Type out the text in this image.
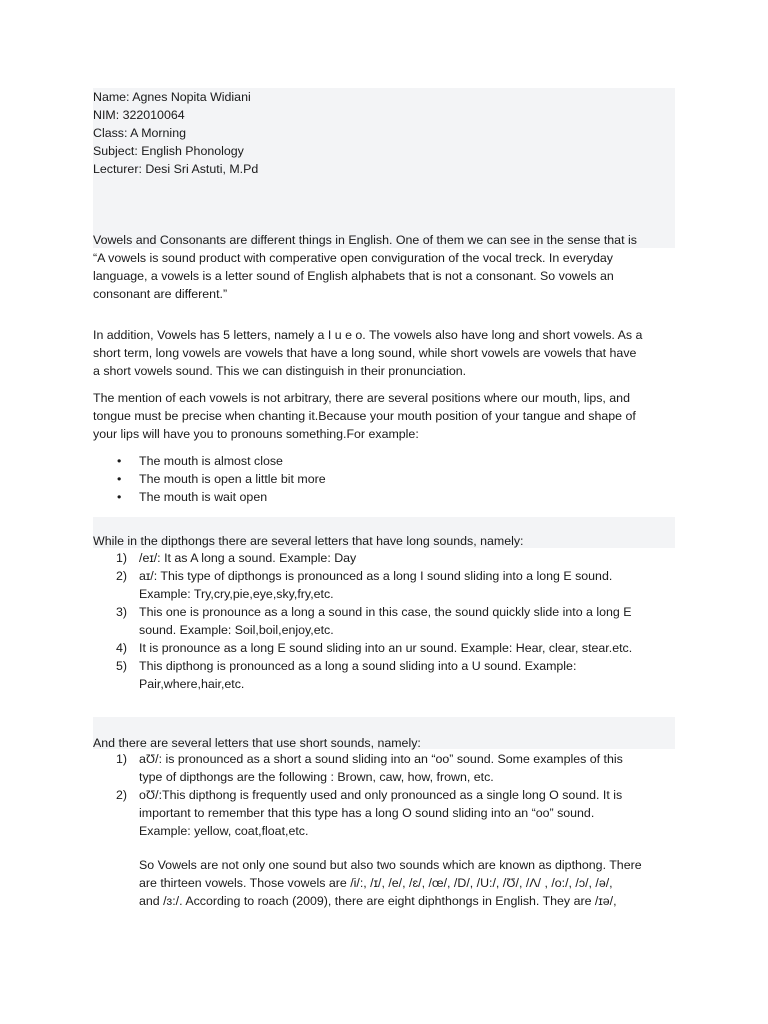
Name: Agnes Nopita Widiani
NIM: 322010064
Class: A Morning
Subject: English Phonology
Lecturer: Desi Sri Astuti, M.Pd
Vowels and Consonants are different things in English. One of them we can see in the sense that is
“A vowels is sound product with comperative open conviguration of the vocal treck. In everyday
language, a vowels is a letter sound of English alphabets that is not a consonant. So vowels an
consonant are different.”
In addition, Vowels has 5 letters, namely a I u e o. The vowels also have long and short vowels. As a
short term, long vowels are vowels that have a long sound, while short vowels are vowels that have
a short vowels sound. This we can distinguish in their pronunciation.
The mention of each vowels is not arbitrary, there are several positions where our mouth, lips, and
tongue must be precise when chanting it.Because your mouth position of your tangue and shape of
your lips will have you to pronouns something.For example:
• The mouth is almost close
• The mouth is open a little bit more
• The mouth is wait open
While in the dipthongs there are several letters that have long sounds, namely:
1) /eɪ/: It as A long a sound. Example: Day
2) aɪ/: This type of dipthongs is pronounced as a long I sound sliding into a long E sound.
Example: Try,cry,pie,eye,sky,fry,etc.
3) This one is pronounce as a long a sound in this case, the sound quickly slide into a long E
sound. Example: Soil,boil,enjoy,etc.
4) It is pronounce as a long E sound sliding into an ur sound. Example: Hear, clear, stear.etc.
5) This dipthong is pronounced as a long a sound sliding into a U sound. Example:
Pair,where,hair,etc.
And there are several letters that use short sounds, namely:
1) aƱ/: is pronounced as a short a sound sliding into an “oo” sound. Some examples of this
type of dipthongs are the following : Brown, caw, how, frown, etc.
2) oƱ/:This dipthong is frequently used and only pronounced as a single long O sound. It is
important to remember that this type has a long O sound sliding into an “oo” sound.
Example: yellow, coat,float,etc.
So Vowels are not only one sound but also two sounds which are known as dipthong. There
are thirteen vowels. Those vowels are /i/:, /ɪ/, /e/, /ɛ/, /œ/, /D/, /U:/, /Ʊ/, /Λ/ , /o:/, /ɔ/, /ə/,
and /ɜ:/. According to roach (2009), there are eight diphthongs in English. They are /ɪə/,
